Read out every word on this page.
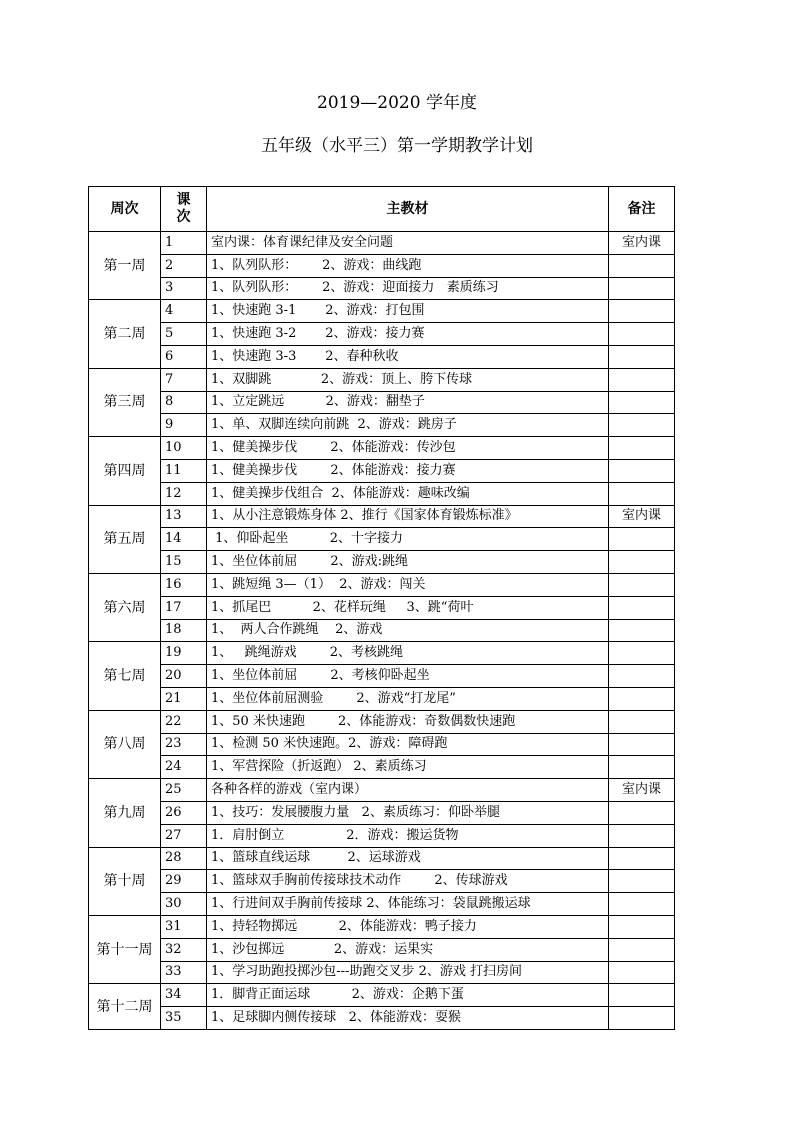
2019—2020 学年度
五年级（水平三）第一学期教学计划
周次	课次	主教材	备注
第一周	1	室内课：体育课纪律及安全问题	室内课
	2	1、队列队形：      2、游戏：曲线跑	
	3	1、队列队形：      2、游戏：迎面接力   素质练习	
第二周	4	1、快速跑 3-1       2、游戏：打包围	
	5	1、快速跑 3-2       2、游戏：接力赛	
	6	1、快速跑 3-3       2、春种秋收	
第三周	7	1、双脚跳            2、游戏：顶上、胯下传球	
	8	1、立定跳远          2、游戏：翻垫子	
	9	1、单、双脚连续向前跳  2、游戏：跳房子	
第四周	10	1、健美操步伐        2、体能游戏：传沙包	
	11	1、健美操步伐        2、体能游戏：接力赛	
	12	1、健美操步伐组合  2、体能游戏：趣味改编	
第五周	13	1、从小注意锻炼身体 2、推行《国家体育锻炼标准》	室内课
	14	1、仰卧起坐          2、十字接力	
	15	1、坐位体前屈        2、游戏:跳绳	
第六周	16	1、跳短绳 3—（1）  2、游戏：闯关	
	17	1、抓尾巴          2、花样玩绳     3、跳“荷叶	
	18	1、  两人合作跳绳    2、游戏	
第七周	19	1、   跳绳游戏        2、考核跳绳	
	20	1、坐位体前屈        2、考核仰卧起坐	
	21	1、坐位体前屈测验        2、游戏“打龙尾”	
第八周	22	1、50 米快速跑        2、体能游戏：奇数偶数快速跑	
	23	1、检测 50 米快速跑。2、游戏：障碍跑	
	24	1、军营探险（折返跑） 2、素质练习	
第九周	25	各种各样的游戏（室内课）	室内课
	26	1、技巧：发展腰腹力量   2、素质练习：仰卧举腿	
	27	1．肩肘倒立               2．游戏：搬运货物	
第十周	28	1、篮球直线运球         2、运球游戏	
	29	1、篮球双手胸前传接球技术动作        2、传球游戏	
	30	1、行进间双手胸前传接球 2、体能练习：袋鼠跳搬运球	
第十一周	31	1、持轻物掷远          2、体能游戏：鸭子接力	
	32	1、沙包掷远            2、游戏：运果实	
	33	1、学习助跑投掷沙包---助跑交叉步 2、游戏 打扫房间	
第十二周	34	1．脚背正面运球          2、游戏：企鹅下蛋	
	35	1、足球脚内侧传接球   2、体能游戏：耍猴	
